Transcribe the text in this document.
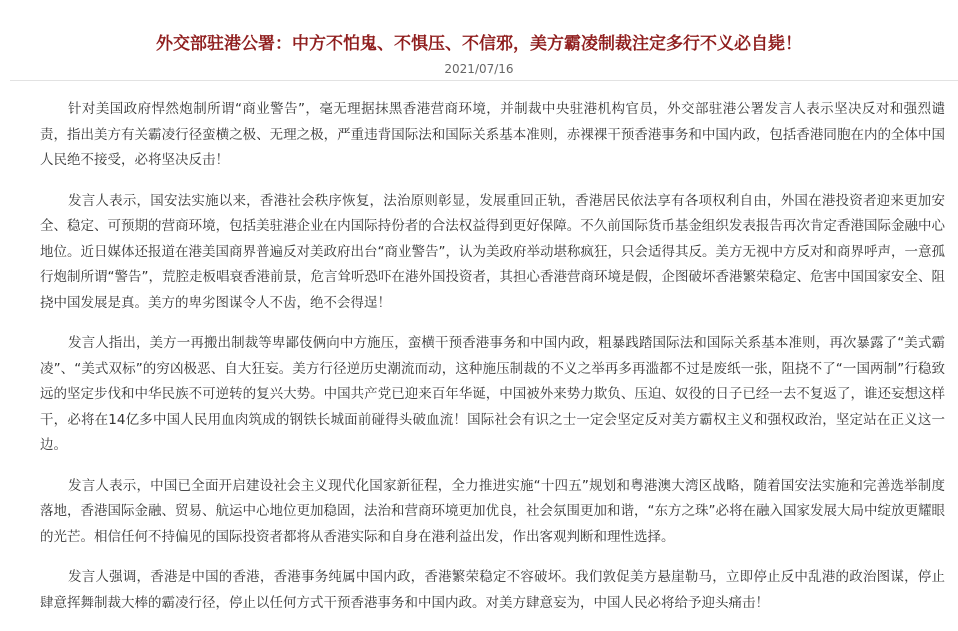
外交部驻港公署：中方不怕鬼、不惧压、不信邪，美方霸凌制裁注定多行不义必自毙！
2021/07/16

针对美国政府悍然炮制所谓“商业警告”，毫无理据抹黑香港营商环境，并制裁中央驻港机构官员，外交部驻港公署发言人表示坚决反对和强烈谴责，指出美方有关霸凌行径蛮横之极、无理之极，严重违背国际法和国际关系基本准则，赤裸裸干预香港事务和中国内政，包括香港同胞在内的全体中国人民绝不接受，必将坚决反击！

发言人表示，国安法实施以来，香港社会秩序恢复，法治原则彰显，发展重回正轨，香港居民依法享有各项权利自由，外国在港投资者迎来更加安全、稳定、可预期的营商环境，包括美驻港企业在内国际持份者的合法权益得到更好保障。不久前国际货币基金组织发表报告再次肯定香港国际金融中心地位。近日媒体还报道在港美国商界普遍反对美政府出台“商业警告”，认为美政府举动堪称疯狂，只会适得其反。美方无视中方反对和商界呼声，一意孤行炮制所谓“警告”，荒腔走板唱衰香港前景，危言耸听恐吓在港外国投资者，其担心香港营商环境是假，企图破坏香港繁荣稳定、危害中国国家安全、阻挠中国发展是真。美方的卑劣图谋令人不齿，绝不会得逞！

发言人指出，美方一再搬出制裁等卑鄙伎俩向中方施压，蛮横干预香港事务和中国内政，粗暴践踏国际法和国际关系基本准则，再次暴露了“美式霸凌”、“美式双标”的穷凶极恶、自大狂妄。美方行径逆历史潮流而动，这种施压制裁的不义之举再多再滥都不过是废纸一张，阻挠不了“一国两制”行稳致远的坚定步伐和中华民族不可逆转的复兴大势。中国共产党已迎来百年华诞，中国被外来势力欺负、压迫、奴役的日子已经一去不复返了，谁还妄想这样干，必将在14亿多中国人民用血肉筑成的钢铁长城面前碰得头破血流！国际社会有识之士一定会坚定反对美方霸权主义和强权政治，坚定站在正义这一边。

发言人表示，中国已全面开启建设社会主义现代化国家新征程，全力推进实施“十四五”规划和粤港澳大湾区战略，随着国安法实施和完善选举制度落地，香港国际金融、贸易、航运中心地位更加稳固，法治和营商环境更加优良，社会氛围更加和谐，“东方之珠”必将在融入国家发展大局中绽放更耀眼的光芒。相信任何不持偏见的国际投资者都将从香港实际和自身在港利益出发，作出客观判断和理性选择。

发言人强调，香港是中国的香港，香港事务纯属中国内政，香港繁荣稳定不容破坏。我们敦促美方悬崖勒马，立即停止反中乱港的政治图谋，停止肆意挥舞制裁大棒的霸凌行径，停止以任何方式干预香港事务和中国内政。对美方肆意妄为，中国人民必将给予迎头痛击！
